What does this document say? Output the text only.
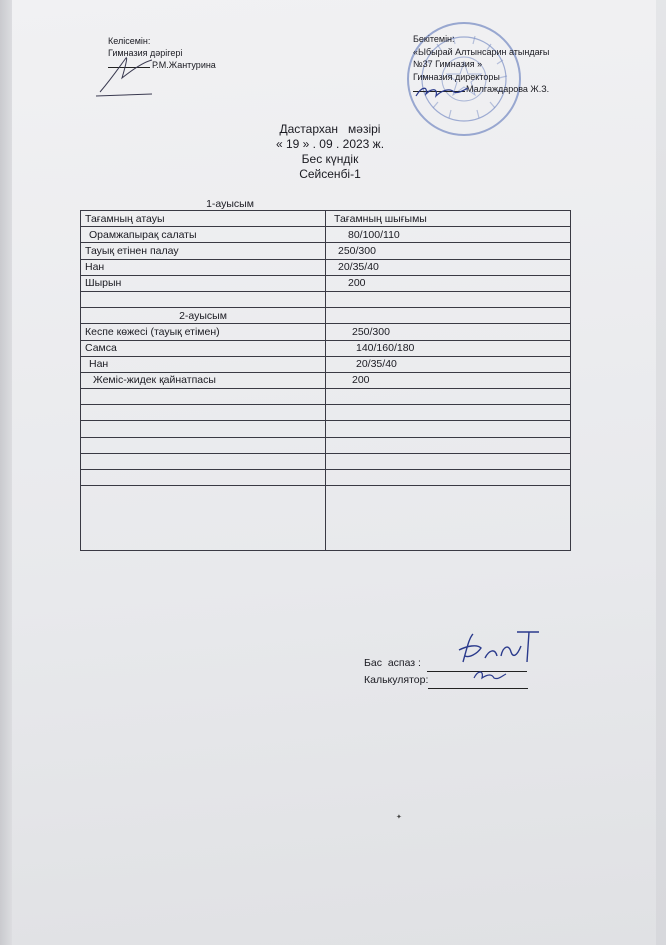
Келісемін:
Гимназия дәрігері
Р.М.Жантурина
Бекітемін:
«Ыбырай Алтынсарин атындағы
№37 Гимназия »
Гимназия директоры
Малгаждарова Ж.З.
Дастархан   мәзірі
« 19 » . 09 . 2023 ж.
Бес күндік
Сейсенбі-1
1-ауысым
Тағамның атауы	Тағамның шығымы
Орамжапырақ салаты	80/100/110
Тауық етінен палау	250/300
Нан	20/35/40
Шырын	200

2-ауысым	
Кеспе көжесі (тауық етімен)	250/300
Самса	140/160/180
Нан	20/35/40
Жеміс-жидек қайнатпасы	200

Бас  аспаз :
Калькулятор:
✦
